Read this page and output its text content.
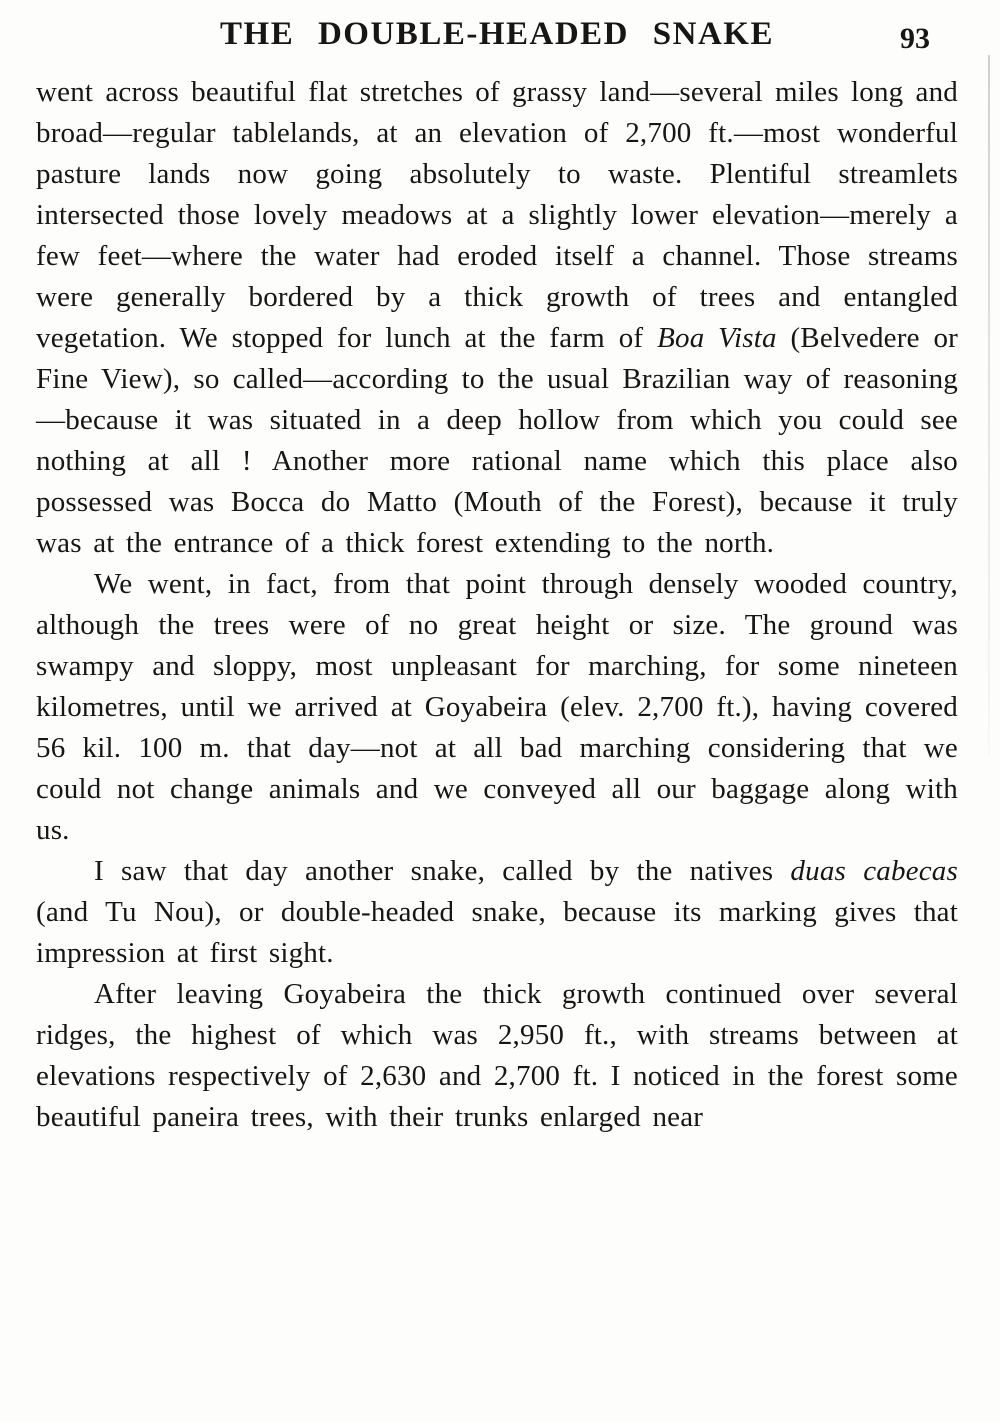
THE DOUBLE-HEADED SNAKE	93

went across beautiful flat stretches of grassy land—several miles long and broad—regular tablelands, at an elevation of 2,700 ft.—most wonderful pasture lands now going absolutely to waste. Plentiful streamlets intersected those lovely meadows at a slightly lower elevation—merely a few feet—where the water had eroded itself a channel. Those streams were generally bordered by a thick growth of trees and entangled vegetation. We stopped for lunch at the farm of Boa Vista (Belvedere or Fine View), so called—according to the usual Brazilian way of reasoning—because it was situated in a deep hollow from which you could see nothing at all ! Another more rational name which this place also possessed was Bocca do Matto (Mouth of the Forest), because it truly was at the entrance of a thick forest extending to the north.

We went, in fact, from that point through densely wooded country, although the trees were of no great height or size. The ground was swampy and sloppy, most unpleasant for marching, for some nineteen kilometres, until we arrived at Goyabeira (elev. 2,700 ft.), having covered 56 kil. 100 m. that day—not at all bad marching considering that we could not change animals and we conveyed all our baggage along with us.

I saw that day another snake, called by the natives duas cabecas (and Tu Nou), or double-headed snake, because its marking gives that impression at first sight.

After leaving Goyabeira the thick growth continued over several ridges, the highest of which was 2,950 ft., with streams between at elevations respectively of 2,630 and 2,700 ft. I noticed in the forest some beautiful paneira trees, with their trunks enlarged near
